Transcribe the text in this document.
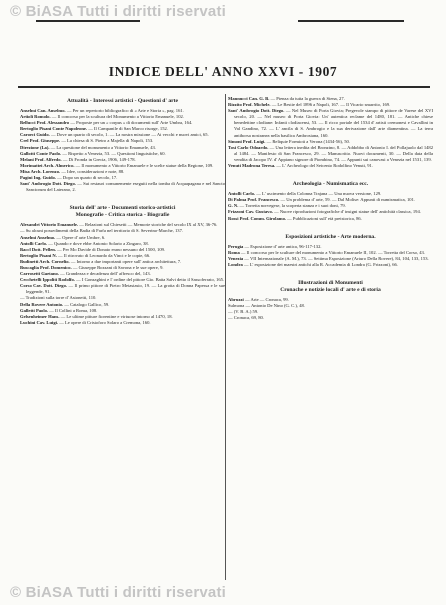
© BiASA Tutti i diritti riservati
INDICE DELL' ANNO XXVI - 1907
Attualità - Interessi artistici - Questioni d' arte

Anselmi Can. Anselmo. — Per un repertorio bibliografico di « Arte e Storia », pag. 161.

Artioli Romolo. — Il concorso per la scultura del Monumento a Vittorio Emanuele, 102.

Bellucci Prof. Alessandro — Proposte per un « corpus » di documenti sull' Arte Umbra, 164.

Bertoglio Pisani Conte Napoleone. — Il Campanile di San Marco risorge, 152.

Caroeci Guido. — Dove un quarto di secolo, 1. — La nostra missione — Ai vecchi e nuovi amici, 65.

Crel Prof. Giuseppe. — La chiesa di S. Pietro a Majella di Napoli, 153.

Direzione (La). — La questione del monumento a Vittorio Emanuele, 43.

Gallotti Conte Paolo. — Rispetto a Venezia, 53. — Questioni linguistiche, 60.

Melani Prof. Alfredo. — Di Fronda in Grecia, 1906, 149-178.

Morimattei Arch. Almerico. — Il monumento a Vittorio Emanuele e le scelte statue della Regione, 109.

Misa Arch. Lorenzo. — Idee, considerazioni e note, 88.

Pagini Ing. Guido. — Dopo un quarto di secolo, 17.

Sant' Ambrogio Dott. Diego. — Sui restauri comunemente eseguiti nella tomba di Acquapagana e nel Sancto Sanctorum del Laterano, 2.

Storia dell' arte - Documenti storico-artistici
Monografie - Critica storica - Biografie

Alexandri Vittorio Emanuele. — Relazioni sul Chiesetti — Memorie storiche del secolo IX al XV, 36-76.

— Su alcuni possedimenti della Badia di Farfa nel territorio di S. Severino-Marche, 137.

Anselmi Anselmo. — Opere d' arte Umbre, 6.

Antolli Carlo. — Quando e dove ebbe Antonio Solario a Zingaro, 38.

Baccl Dott. Pellen. — Per Mo Davide di Donato erano nessuno del 1500, 109.

Bertoglio Pisani N. — Il ritrovato di Leonardo da Vinci e le copie, 66.

Budinetti Arch. Cornelio. — Intorno a due importanti opere sull' antica architettura, 7.

Buscaglia Prof. Domenico. — Giuseppe Bozzani di Savona e le sue opere, 9.

Carrosetti Gaetano. — Grandezza e decadenza dell' affresco del, 143.

Cecchetelli Ippoliti Rodolfo. — I Gonzaghini e l' ordine del pittore Gio. Batta Salvi detto il Sassoferrato, 165.

Corso Cav. Dott. Diego. — Il primo pittore di Pietro Metastasio, 19. — La grotta di Donna Papessa e le sue leggende, 91.

— Tradizioni sulla torre d' Astonetti, 110.

Della Rovere Antonio. — Catalogo Gallico, 59.

Galletti Paolo. — Il Collini a Roma, 108.

Gelsenheimer Hans. — Le ultime pitture fiorentine e virtuose intorno al 1470, 18.

Luchini Cav. Luigi. — Le opere di Cristoforo Solaro a Cremona, 160.

Mannucci Can. G. B. — Pienza da tutta la guerra di Siena, 27.

Rizzito Prof. Michele. — Le Bestie del 1896 a Napoli, 167. — Il Vicario smarrito, 169.

Sant' Ambrogio Dott. Diego. — Nel Museo di Porta Giovia; Pregevole stampo di pittore de Varese del XVI secolo, 20. — Nel museo di Porta Giovia: Un' autentica reclame del 1480, 181. — Antiche chiese benedettine clodiane: Infanti clodiacensi, 53. — Il ricco portale del 1534 d' artisti cremonesi e Cavallini in Val Gandino, 72. — L' ancila di S. Ambrogio e la sua derivazione dall' arte diamentina. — La terra antiborsa nostranea nella basilica Ambrosiana, 160.

Simoni Prof. Luigi. — Reliquie Formioti a Verona (1434-56), 50.

Tosi Carlo Odoardo. — Una lettera inedita del Bronzino, 8. — Addobbo di Antonio I. del Pollajuolo dal 1482 al 1484. — Manifesto di San Francesco, 29. — Manuscritto. Nuovi documenti, 30. — Della data della vendita di Jacopo IV. d' Appiano signore di Piombino, 74. — Appunti sui canovasi a Venezia nel 1531, 139.

Venuti Madrona Teresa. — L' Archeologo del Seicento Rodolfino Venuti, 91.

Archeologia - Numismatica ecc.

Antolli Carlo. — L' uscimento della Colonna Trajana — Una nuova versione, 129.

Di Palma Prof. Francesco. — Un problema d' arte, 59. — Dal Molise: Appunti di numismatica, 101.

G. N. — Torretta norvegese, la scoperta stanza e i suoi doni, 79.

Frizzoni Cav. Gustavo. — Nuove riproduzioni fotografiche d' insigni statue dell' antichità classica, 194.

Rossi Prof. Comm. Girolamo. — Pubblicazioni sull' età preistorica, 86.

Esposizioni artistiche - Arte moderna.

Perugia — Esposizione d' arte antica, 96-117-132.

Roma — Il concorso per le sculture del monumento a Vittorio Emanuele II, 102. — Torretta del Corso, 43.

Venezia — VII Internazionale (A. M.), 73. — Settima Esposizione (Arturo Della Rovere), 84, 104, 133, 153.

Londra — L' esposizione dei maestri antichi alla R. Accademia di Londra (G. Frizzoni), 66.

Illustrazioni di Monumenti
Cronache e notizie locali d' arte e di storia

Abruzzi — Arte — Cronaca, 99.

Sulmona — Antonio De Nino (G. C.), 48.

— (V. B. A.) 59.

— Cronaca, 69, 80.

© BiASA Tutti i diritti riservati
